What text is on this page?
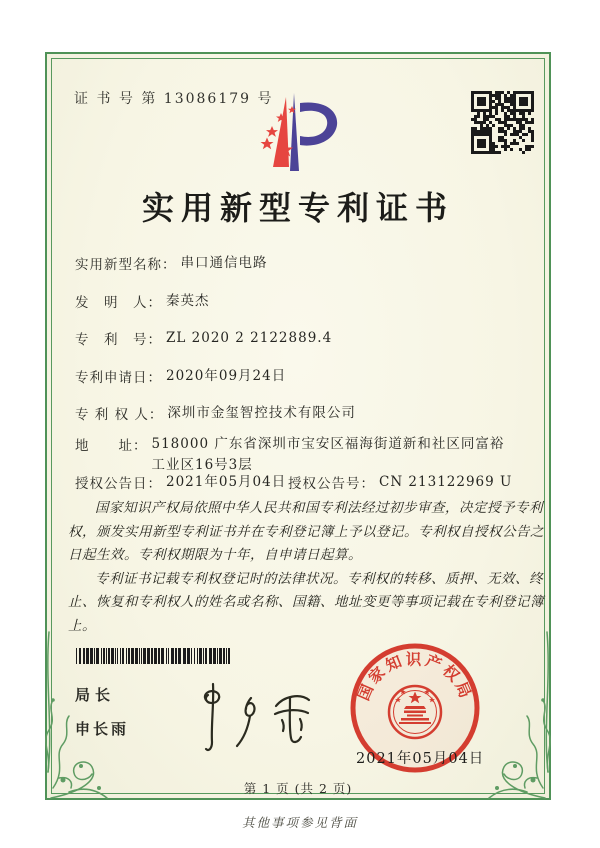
证 书 号 第 13086179 号
实用新型专利证书
实用新型名称： 串口通信电路
发　明　人： 秦英杰
专　利　号： ZL 2020 2 2122889.4
专利申请日： 2020年09月24日
专 利 权 人： 深圳市金玺智控技术有限公司
地　　址： 518000 广东省深圳市宝安区福海街道新和社区同富裕工业区16号3层
授权公告日： 2021年05月04日 授权公告号： CN 213122969 U

国家知识产权局依照中华人民共和国专利法经过初步审查，决定授予专利权，颁发实用新型专利证书并在专利登记簿上予以登记。专利权自授权公告之日起生效。专利权期限为十年，自申请日起算。

专利证书记载专利权登记时的法律状况。专利权的转移、质押、无效、终止、恢复和专利权人的姓名或名称、国籍、地址变更等事项记载在专利登记簿上。

局长
申长雨
国家知识产权局
2021年05月04日
第 1 页 (共 2 页)
其他事项参见背面
